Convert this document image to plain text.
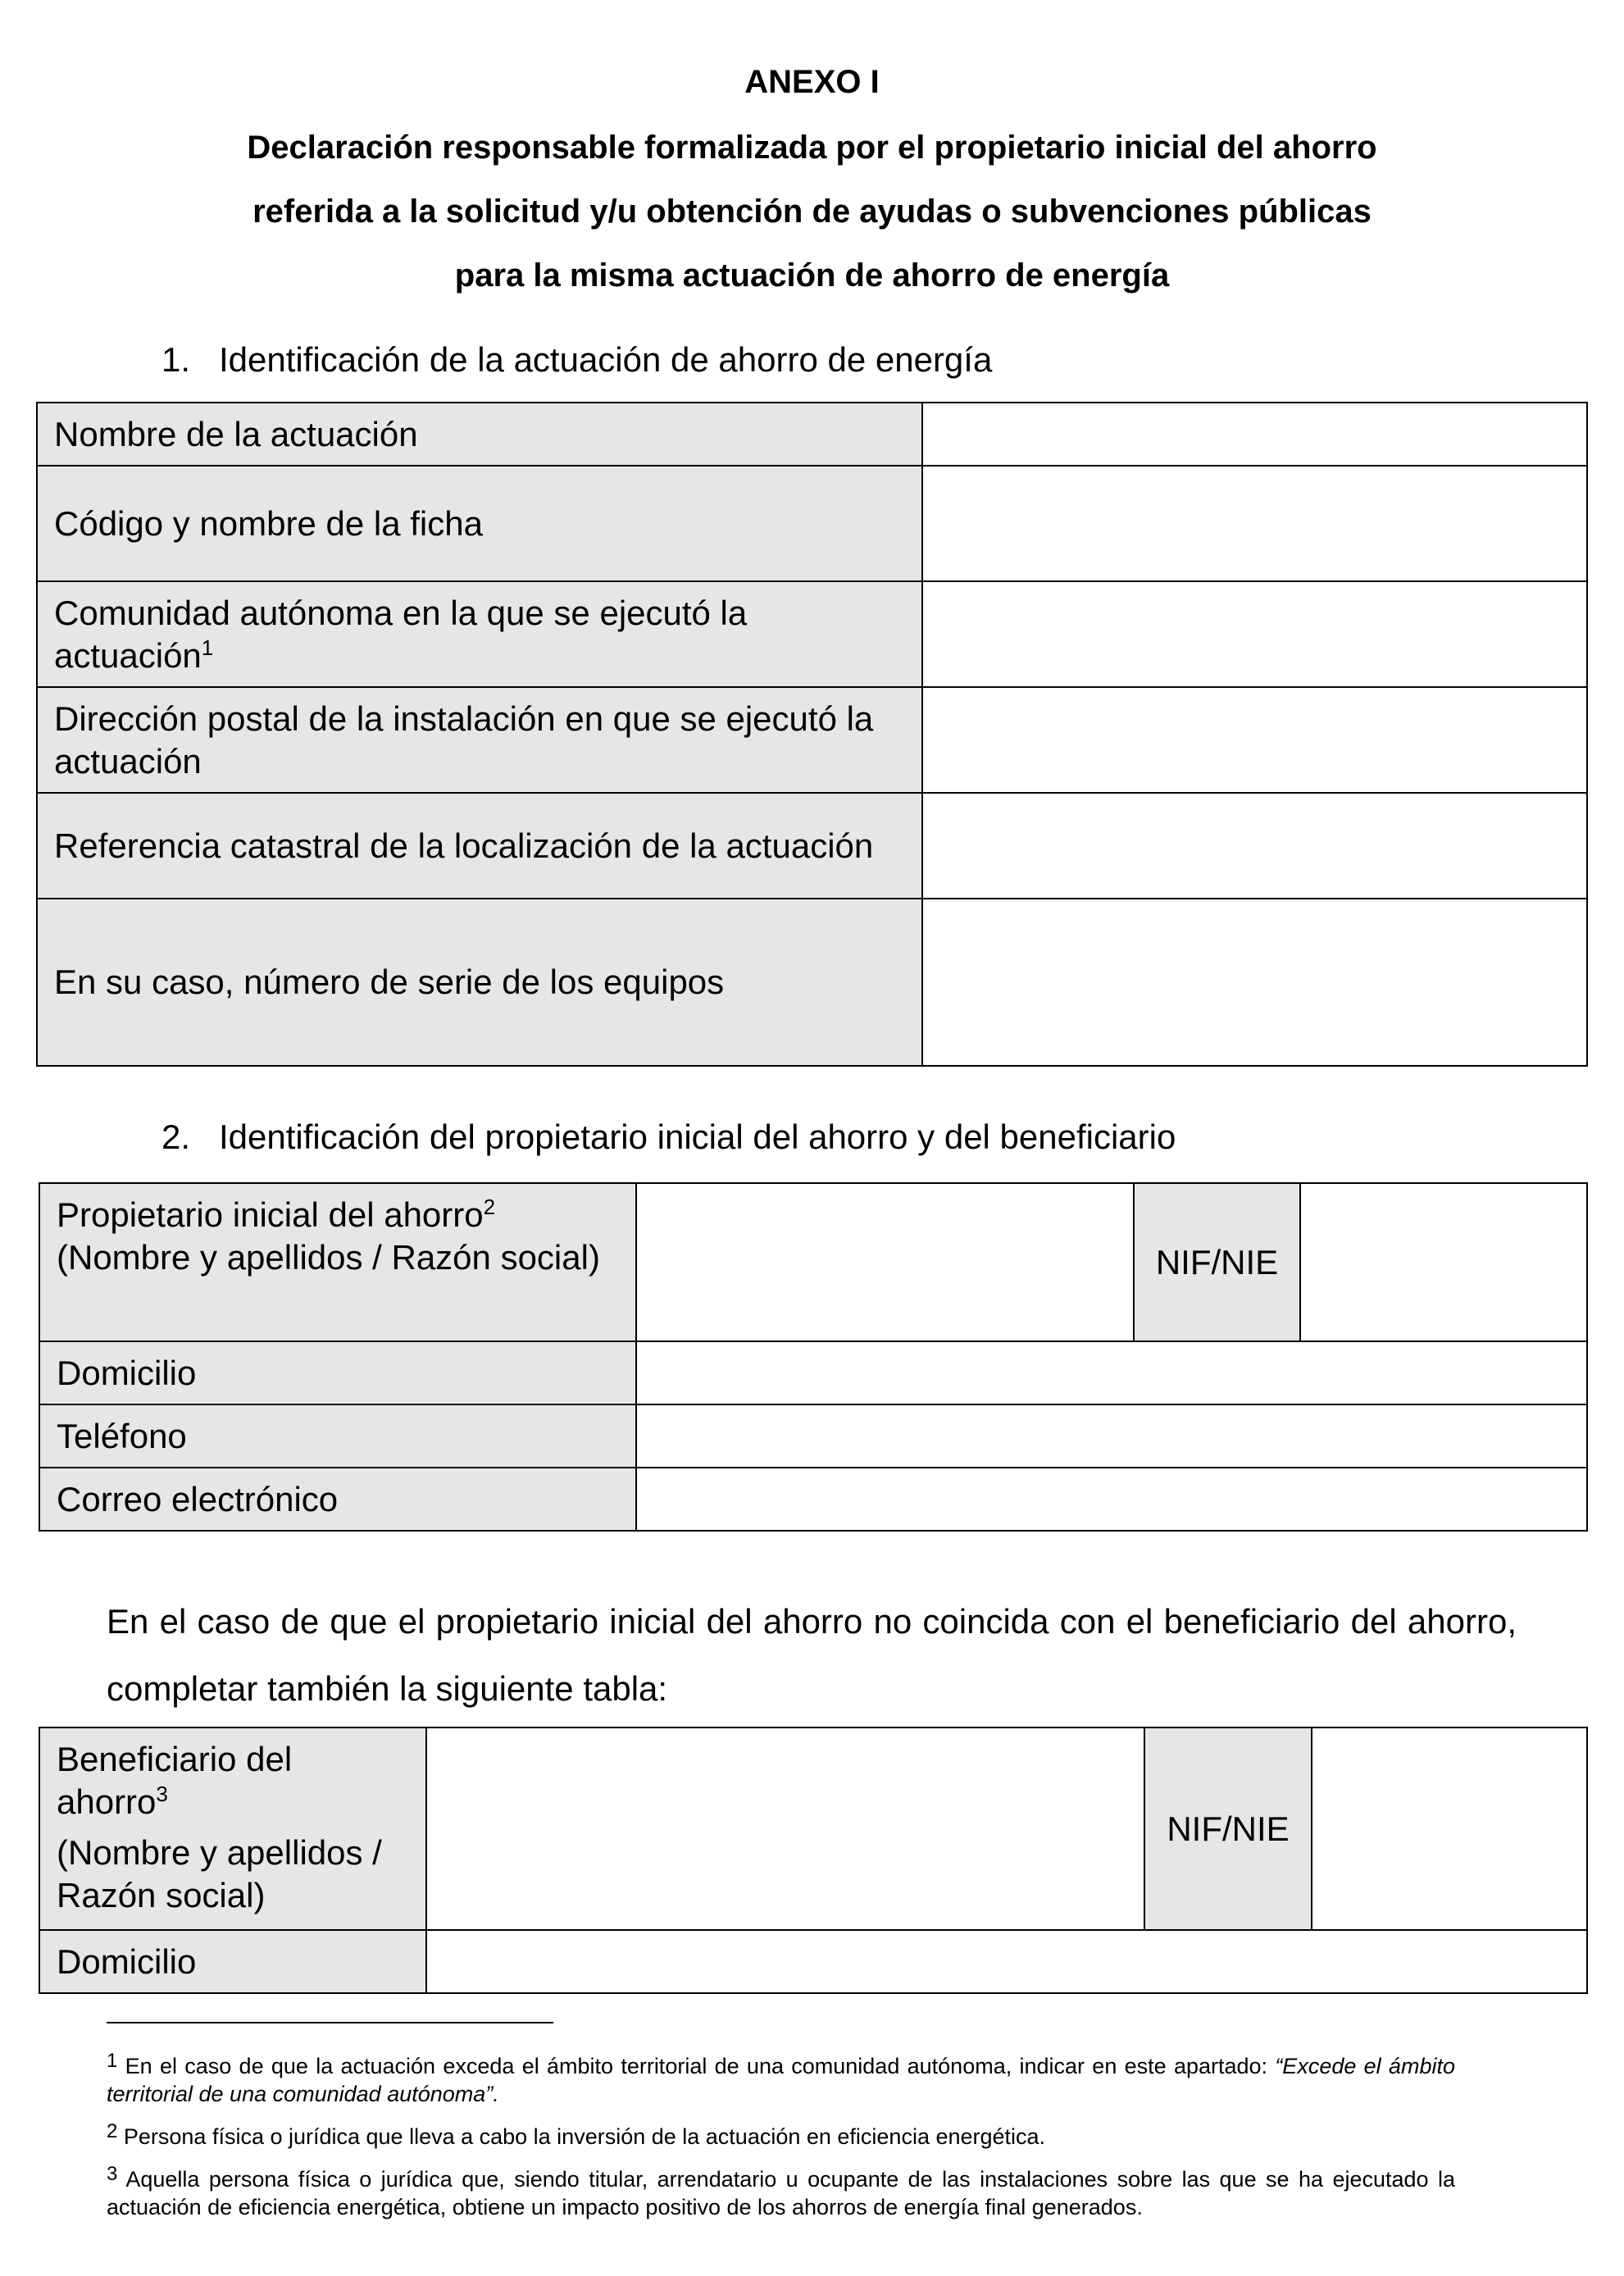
ANEXO I
Declaración responsable formalizada por el propietario inicial del ahorro
referida a la solicitud y/u obtención de ayudas o subvenciones públicas
para la misma actuación de ahorro de energía
1. Identificación de la actuación de ahorro de energía
Nombre de la actuación	
Código y nombre de la ficha	
Comunidad autónoma en la que se ejecutó la actuación$^1$	
Dirección postal de la instalación en que se ejecutó la actuación	
Referencia catastral de la localización de la actuación	
En su caso, número de serie de los equipos	
2. Identificación del propietario inicial del ahorro y del beneficiario
Propietario inicial del ahorro$^2$
(Nombre y apellidos / Razón social)		NIF/NIE	
Domicilio			
Teléfono			
Correo electrónico			
En el caso de que el propietario inicial del ahorro no coincida con el beneficiario del ahorro, completar también la siguiente tabla:
Beneficiario del ahorro$^3$
(Nombre y apellidos / Razón social)		NIF/NIE	
Domicilio			
1 En el caso de que la actuación exceda el ámbito territorial de una comunidad autónoma, indicar en este apartado: “Excede el ámbito territorial de una comunidad autónoma”.
2 Persona física o jurídica que lleva a cabo la inversión de la actuación en eficiencia energética.
3 Aquella persona física o jurídica que, siendo titular, arrendatario u ocupante de las instalaciones sobre las que se ha ejecutado la actuación de eficiencia energética, obtiene un impacto positivo de los ahorros de energía final generados.
